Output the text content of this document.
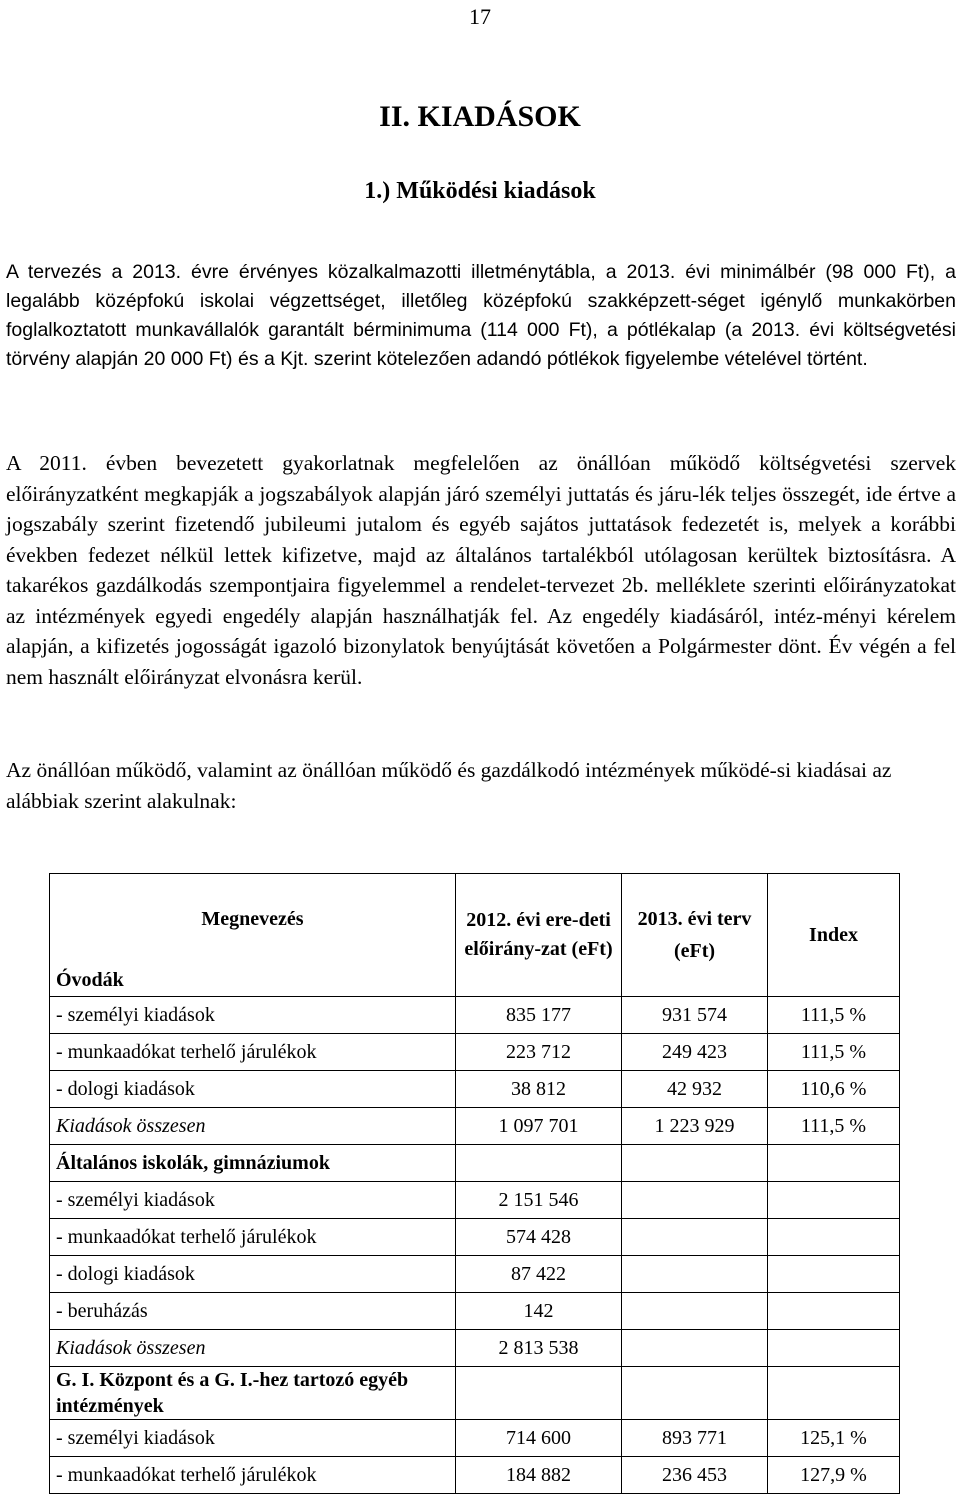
17
II. KIADÁSOK
1.) Működési kiadások

A tervezés a 2013. évre érvényes közalkalmazotti illetménytábla, a 2013. évi minimálbér (98 000 Ft), a legalább középfokú iskolai végzettséget, illetőleg középfokú szakképzett-séget igénylő munkakörben foglalkoztatott munkavállalók garantált bérminimuma (114 000 Ft), a pótlékalap (a 2013. évi költségvetési törvény alapján 20 000 Ft) és a Kjt. szerint kötelezően adandó pótlékok figyelembe vételével történt.

A 2011. évben bevezetett gyakorlatnak megfelelően az önállóan működő költségvetési szervek előirányzatként megkapják a jogszabályok alapján járó személyi juttatás és járu-lék teljes összegét, ide értve a jogszabály szerint fizetendő jubileumi jutalom és egyéb sajátos juttatások fedezetét is, melyek a korábbi években fedezet nélkül lettek kifizetve, majd az általános tartalékból utólagosan kerültek biztosításra. A takarékos gazdálkodás szempontjaira figyelemmel a rendelet-tervezet 2b. melléklete szerinti előirányzatokat az intézmények egyedi engedély alapján használhatják fel. Az engedély kiadásáról, intéz-ményi kérelem alapján, a kifizetés jogosságát igazoló bizonylatok benyújtását követően a Polgármester dönt. Év végén a fel nem használt előirányzat elvonásra kerül.

Az önállóan működő, valamint az önállóan működő és gazdálkodó intézmények működé-si kiadásai az alábbiak szerint alakulnak:

Megnevezés
Óvodák	2012. évi ere-deti előirány-zat (eFt)	2013. évi terv (eFt)	Index

- személyi kiadások	835 177	931 574	111,5 %
- munkaadókat terhelő járulékok	223 712	249 423	111,5 %
- dologi kiadások	38 812	42 932	110,6 %
Kiadások összesen	1 097 701	1 223 929	111,5 %
Általános iskolák, gimnáziumok			
- személyi kiadások	2 151 546		
- munkaadókat terhelő járulékok	574 428		
- dologi kiadások	87 422		
- beruházás	142		
Kiadások összesen	2 813 538		
G. I. Központ és a G. I.-hez tartozó egyéb intézmények			
- személyi kiadások	714 600	893 771	125,1 %
- munkaadókat terhelő járulékok	184 882	236 453	127,9 %
